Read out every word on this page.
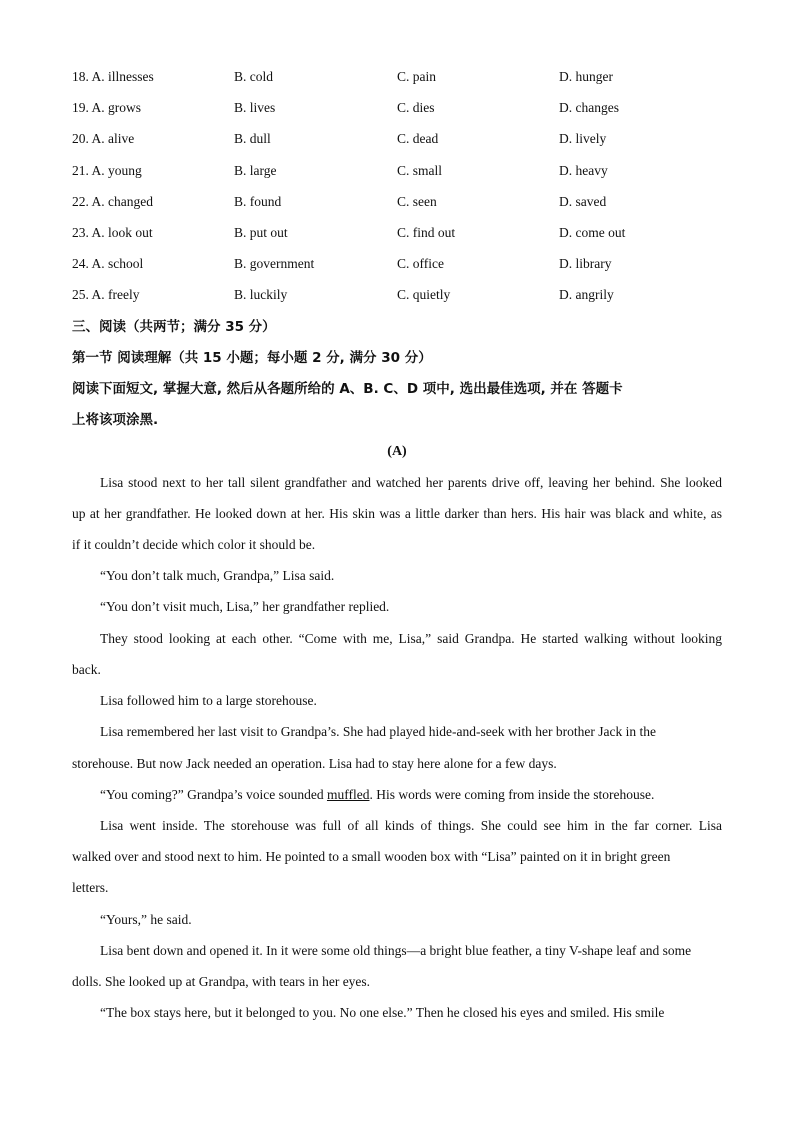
18. A. illnesses	B. cold	C. pain	D. hunger
19. A. grows	B. lives	C. dies	D. changes
20. A. alive	B. dull	C. dead	D. lively
21. A. young	B. large	C. small	D. heavy
22. A. changed	B. found	C. seen	D. saved
23. A. look out	B. put out	C. find out	D. come out
24. A. school	B. government	C. office	D. library
25. A. freely	B. luckily	C. quietly	D. angrily
三、阅读（共两节；满分 35 分）
第一节 阅读理解（共 15 小题；每小题 2 分, 满分 30 分）
阅读下面短文, 掌握大意, 然后从各题所给的 A、B. C、D 项中, 选出最佳选项, 并在 答题卡
上将该项涂黑.
(A)
Lisa stood next to her tall silent grandfather and watched her parents drive off, leaving her behind. She looked
up at her grandfather. He looked down at her. His skin was a little darker than hers. His hair was black and white, as
if it couldn’t decide which color it should be.
“You don’t talk much, Grandpa,” Lisa said.
“You don’t visit much, Lisa,” her grandfather replied.
They stood looking at each other. “Come with me, Lisa,” said Grandpa. He started walking without looking
back.
Lisa followed him to a large storehouse.
Lisa remembered her last visit to Grandpa’s. She had played hide-and-seek with her brother Jack in the
storehouse. But now Jack needed an operation. Lisa had to stay here alone for a few days.
“You coming?” Grandpa’s voice sounded muffled. His words were coming from inside the storehouse.
Lisa went inside. The storehouse was full of all kinds of things. She could see him in the far corner. Lisa
walked over and stood next to him. He pointed to a small wooden box with “Lisa” painted on it in bright green
letters.
“Yours,” he said.
Lisa bent down and opened it. In it were some old things—a bright blue feather, a tiny V-shape leaf and some
dolls. She looked up at Grandpa, with tears in her eyes.
“The box stays here, but it belonged to you. No one else.” Then he closed his eyes and smiled. His smile
